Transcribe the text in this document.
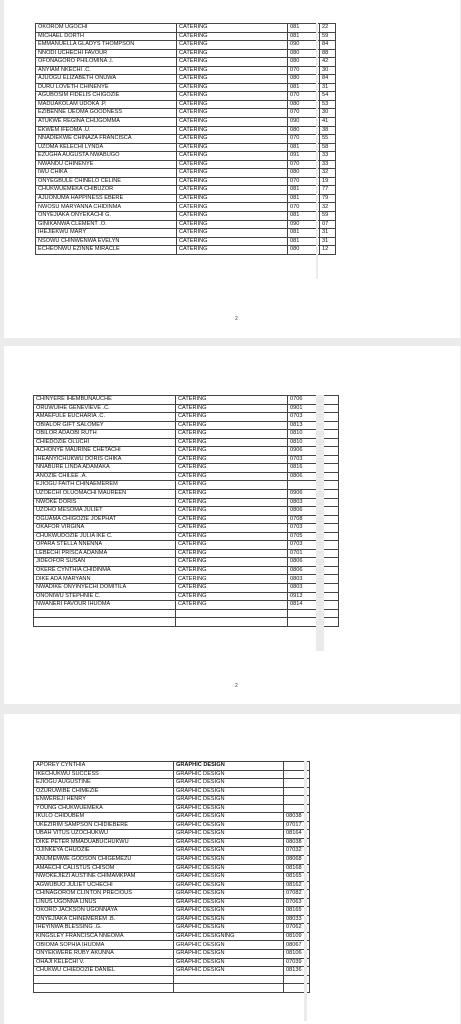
OKOROM UGOCHI	CATERING	081	22
MICHAEL DORTH	CATERING	081	59
EMMANUELLA GLADYS THOMPSON	CATERING	090	84
NNODI UCHECHI FAVOUR	CATERING	080	88
OFONAGORO PHILOMINA .I.	CATERING	080	42
ANYIAM NKECHI .C.	CATERING	070	30
AJUOGU ELIZABETH ONUWA	CATERING	080	84
DURU LOVETH CHINENYE	CATERING	081	31
AGUBOSIM FIDELIS CHIGOZIE	CATERING	070	54
MADUAKOLAM UDOKA .P.	CATERING	080	53
EZIBENNE IJEOMA GOODNESS	CATERING	070	30
ATUKWE REGINA CHIJGOMMA	CATERING	090	41
EKWEM IFEOMA .U.	CATERING	080	38
NNADIEKWE CHINAZA FRANCISCA	CATERING	070	55
UZOMA KELECHI LYNDA	CATERING	081	58
EZUGHA AUGUSTA NWABUGO	CATERING	091	33
NWANDU CHINENYE	CATERING	070	33
IWU CHIKA	CATERING	080	32
ONYEGBULE CHINELO CELINE	CATERING	070	19
CHUKWUEMEKA CHIBUZOR	CATERING	081	77
AJUONUMA HAPPINESS EBERE	CATERING	081	79
NWOSU MARYANNA CHIDINMA	CATERING	070	32
ONYEJIAKA ONYEKACHI G.	CATERING	081	59
GINIKANWA CLEMENT .O.	CATERING	090	07
IHEJIEKWU MARY	CATERING	081	31
NSOWU CHINWENWA EVELYN	CATERING	081	31
ECHEONWU EZINNE MIRACLE	CATERING	080	12
2
CHINYERE IHEMBUNAUCHE	CATERING	0706	
ORUWUIHE GENEVIEVE .C.	CATERING	0901	
AMAEFULE EUCHARIA .C.	CATERING	0703	
OBIALOR GIFT SALOMEY	CATERING	0813	
OBILOR ADAOBI RUTH	CATERING	0810	
CHIEDOZIE OLUCHI	CATERING	0810	
ACHONYE MAURINE CHETACHI	CATERING	0906	
IHEANYICHUKWU DORIS CHIKA	CATERING	0703	
NNABURE LINDA ADAMAKA	CATERING	0816	
ANOZIE CHILEE .A.	CATERING	0806	
EJIOGU FAITH CHINAEMEREM	CATERING		
UZOECHI OLUOMACHI MAUREEN	CATERING	0906	
NWOKE DORIS	CATERING	0803	
UZOHO MESOMA JULIET	CATERING	0806	
OGUAMA CHIGOZIE JOEPHAT	CATERING	0708	
OKAFOR VIRGINA	CATERING	0703	
CHUKWUDOZIE JULIA IKE C.	CATERING	0705	
OPARA STELLA NNENNA	CATERING	0703	
LEBECHI PRISCA ADANMA	CATERING	0701	
JIDEOFOR SUSAN	CATERING	0806	
OKERE CYNTHIA CHIDINMA	CATERING	0806	
DIKE ADA MARYANN	CATERING	0803	
NWADIKE ONYINYECHI DOMITILA	CATERING	0803	
ONONIWU STEPHNIE C.	CATERING	0913	
NWANERI FAVOUR IHUOMA	CATERING	0814	

2
APOREY CYNTHIA	GRAPHIC DESIGN		
IKECHUKWU SUCCESS	GRAPHIC DESIGN		
EJIOGU AUGUSTINE	GRAPHIC DESIGN		
OZURUWIBE CHIMEZIE	GRAPHIC DESIGN		
ENWEREJI HENRY	GRAPHIC DESIGN		
YOUNG CHUKWUEMEKA	GRAPHIC DESIGN		
IKULO CHIDUBEM	GRAPHIC DESIGN	08038	
UKEZIRIM SAMPSON CHIDIEBERE	GRAPHIC DESIGN	07017	
UBAH VITUS UZOCHUKWU	GRAPHIC DESIGN	08164	
DIKE PETER MMADUABUCHUKWU	GRAPHIC DESIGN	08038	
OJINKEYA CHUOZIE	GRAPHIC DESIGN	07032	
ANUMEMWE GODSON CHIGEMEZU	GRAPHIC DESIGN	08068	
AMAECHI CALISTUS CHISOM	GRAPHIC DESIGN	08168	
NWOKEJIEZI AUSTINE CHIMAMKPAM	GRAPHIC DESIGN	08165	
AGWUBUO JULIET UCHECHI	GRAPHIC DESIGN	08162	
CHINAGOROM CLINTON PRECIOUS	GRAPHIC DESIGN	07082	
LINUS UGONNA LINUS	GRAPHIC DESIGN	07063	
OKORO JACKSON UGONNAYA	GRAPHIC DESIGN	08165	
ONYEJIAKA CHINEMEREM .B.	GRAPHIC DESIGN	08033	
IHEYINWA BLESSING .G.	GRAPHIC DESIGN	07062	
KINGSLEY FRANCISCA NNEOMA	GRAPHIC DESIGNING	08109	
OBIOMA SOPHIA IHUOMA	GRAPHIC DESIGN	08067	
ONYEKWERE RUBY AKUNNA	GRAPHIC DESIGN	08106	
OHAJI KELECHI V.	GRAPHIC DESIGN	07039	
CHUKWU CHIEDOZIE DANIEL	GRAPHIC DESIGN	08136	
